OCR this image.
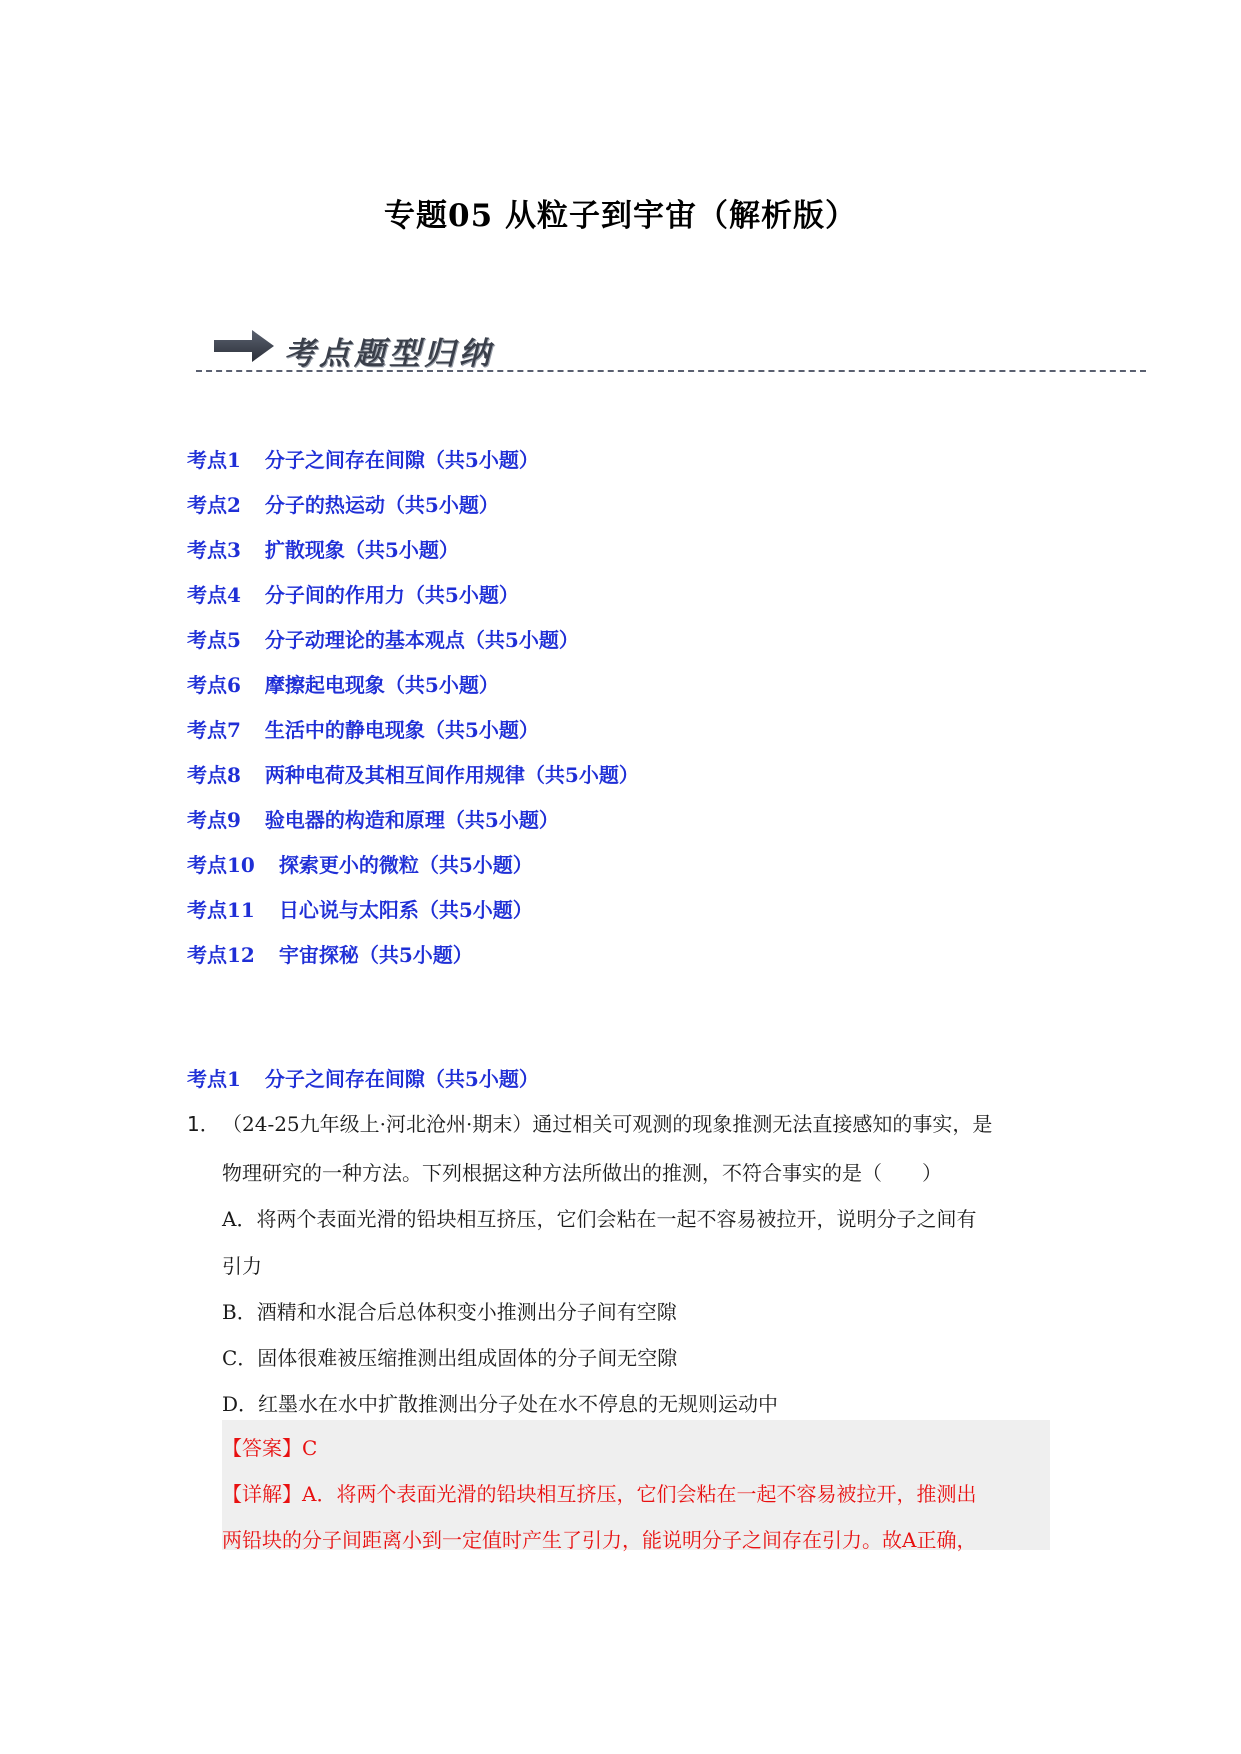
专题05 从粒子到宇宙（解析版）
考点题型归纳
考点1 分子之间存在间隙（共5小题）
考点2 分子的热运动（共5小题）
考点3 扩散现象（共5小题）
考点4 分子间的作用力（共5小题）
考点5 分子动理论的基本观点（共5小题）
考点6 摩擦起电现象（共5小题）
考点7 生活中的静电现象（共5小题）
考点8 两种电荷及其相互间作用规律（共5小题）
考点9 验电器的构造和原理（共5小题）
考点10 探索更小的微粒（共5小题）
考点11 日心说与太阳系（共5小题）
考点12 宇宙探秘（共5小题）
考点1 分子之间存在间隙（共5小题）
1． （24-25九年级上·河北沧州·期末）通过相关可观测的现象推测无法直接感知的事实，是
物理研究的一种方法。下列根据这种方法所做出的推测，不符合事实的是（　　）
A．将两个表面光滑的铅块相互挤压，它们会粘在一起不容易被拉开，说明分子之间有
引力
B．酒精和水混合后总体积变小推测出分子间有空隙
C．固体很难被压缩推测出组成固体的分子间无空隙
D．红墨水在水中扩散推测出分子处在水不停息的无规则运动中
【答案】C
【详解】A．将两个表面光滑的铅块相互挤压，它们会粘在一起不容易被拉开，推测出
两铅块的分子间距离小到一定值时产生了引力，能说明分子之间存在引力。故A正确，
